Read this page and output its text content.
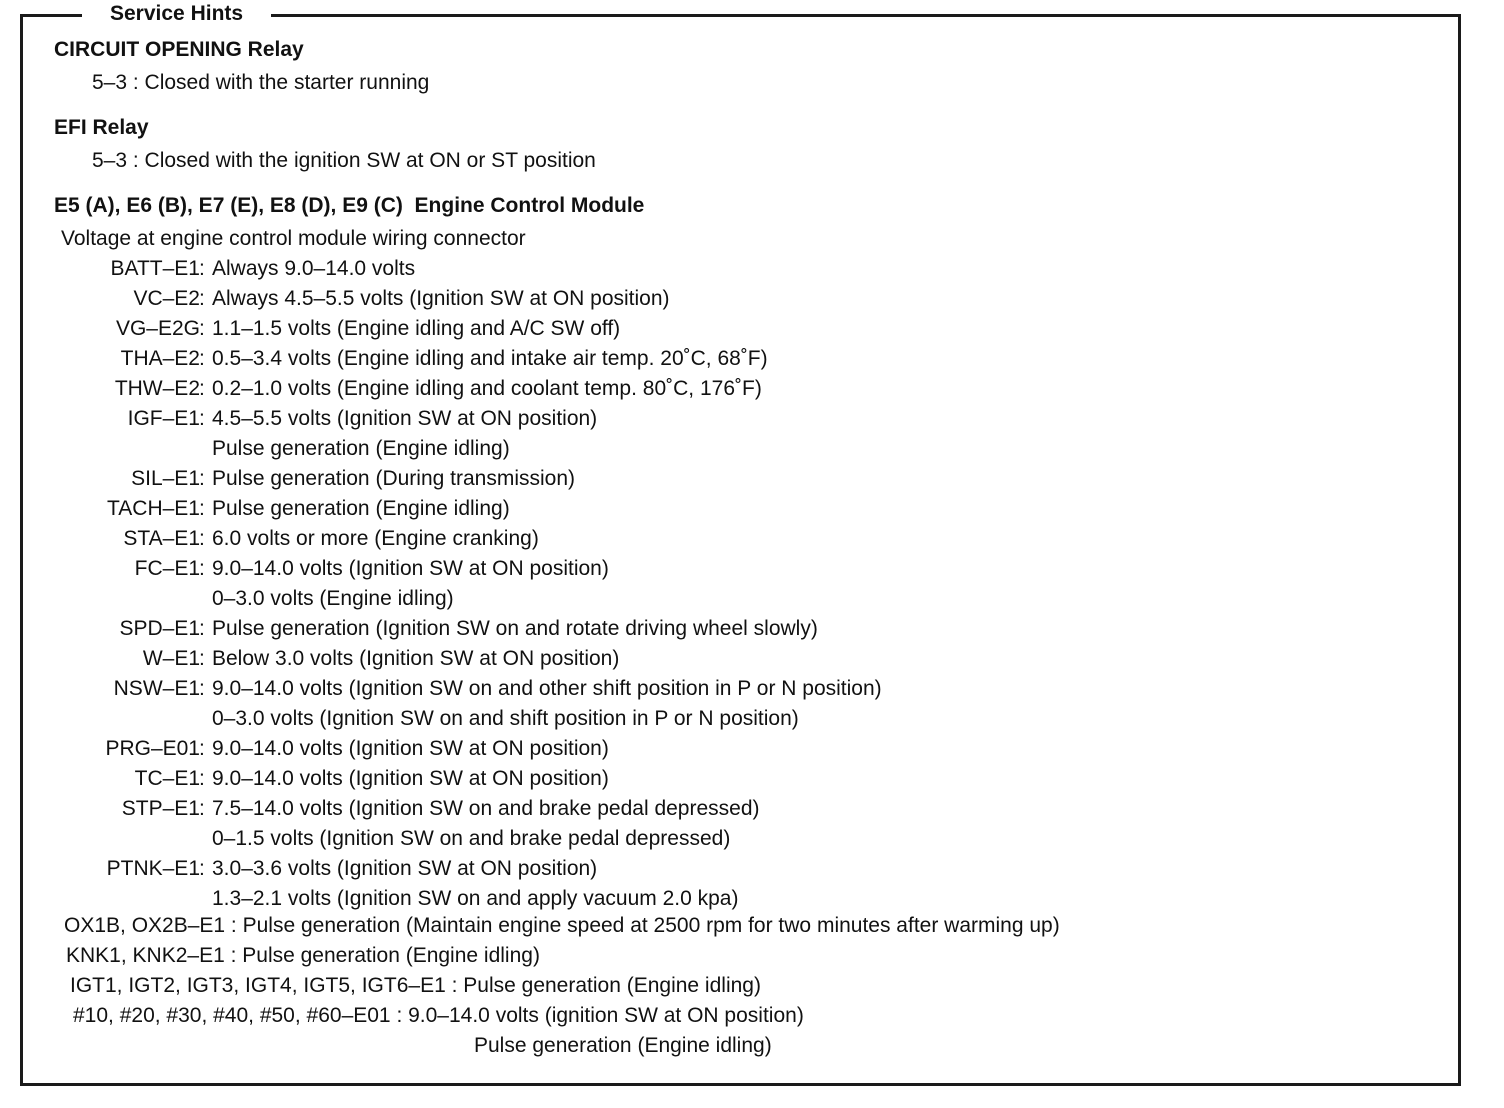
Service Hints
CIRCUIT OPENING Relay
5–3 : Closed with the starter running
EFI Relay
5–3 : Closed with the ignition SW at ON or ST position
E5 (A), E6 (B), E7 (E), E8 (D), E9 (C)  Engine Control Module
Voltage at engine control module wiring connector
BATT–E1 : Always 9.0–14.0 volts
VC–E2 : Always 4.5–5.5 volts (Ignition SW at ON position)
VG–E2G : 1.1–1.5 volts (Engine idling and A/C SW off)
THA–E2 : 0.5–3.4 volts (Engine idling and intake air temp. 20˚C, 68˚F)
THW–E2 : 0.2–1.0 volts (Engine idling and coolant temp. 80˚C, 176˚F)
IGF–E1 : 4.5–5.5 volts (Ignition SW at ON position)
Pulse generation (Engine idling)
SIL–E1 : Pulse generation (During transmission)
TACH–E1 : Pulse generation (Engine idling)
STA–E1 : 6.0 volts or more (Engine cranking)
FC–E1 : 9.0–14.0 volts (Ignition SW at ON position)
0–3.0 volts (Engine idling)
SPD–E1 : Pulse generation (Ignition SW on and rotate driving wheel slowly)
W–E1 : Below 3.0 volts (Ignition SW at ON position)
NSW–E1 : 9.0–14.0 volts (Ignition SW on and other shift position in P or N position)
0–3.0 volts (Ignition SW on and shift position in P or N position)
PRG–E01 : 9.0–14.0 volts (Ignition SW at ON position)
TC–E1 : 9.0–14.0 volts (Ignition SW at ON position)
STP–E1 : 7.5–14.0 volts (Ignition SW on and brake pedal depressed)
0–1.5 volts (Ignition SW on and brake pedal depressed)
PTNK–E1 : 3.0–3.6 volts (Ignition SW at ON position)
1.3–2.1 volts (Ignition SW on and apply vacuum 2.0 kpa)
OX1B, OX2B–E1 : Pulse generation (Maintain engine speed at 2500 rpm for two minutes after warming up)
KNK1, KNK2–E1 : Pulse generation (Engine idling)
IGT1, IGT2, IGT3, IGT4, IGT5, IGT6–E1 : Pulse generation (Engine idling)
#10, #20, #30, #40, #50, #60–E01 : 9.0–14.0 volts (ignition SW at ON position)
Pulse generation (Engine idling)
